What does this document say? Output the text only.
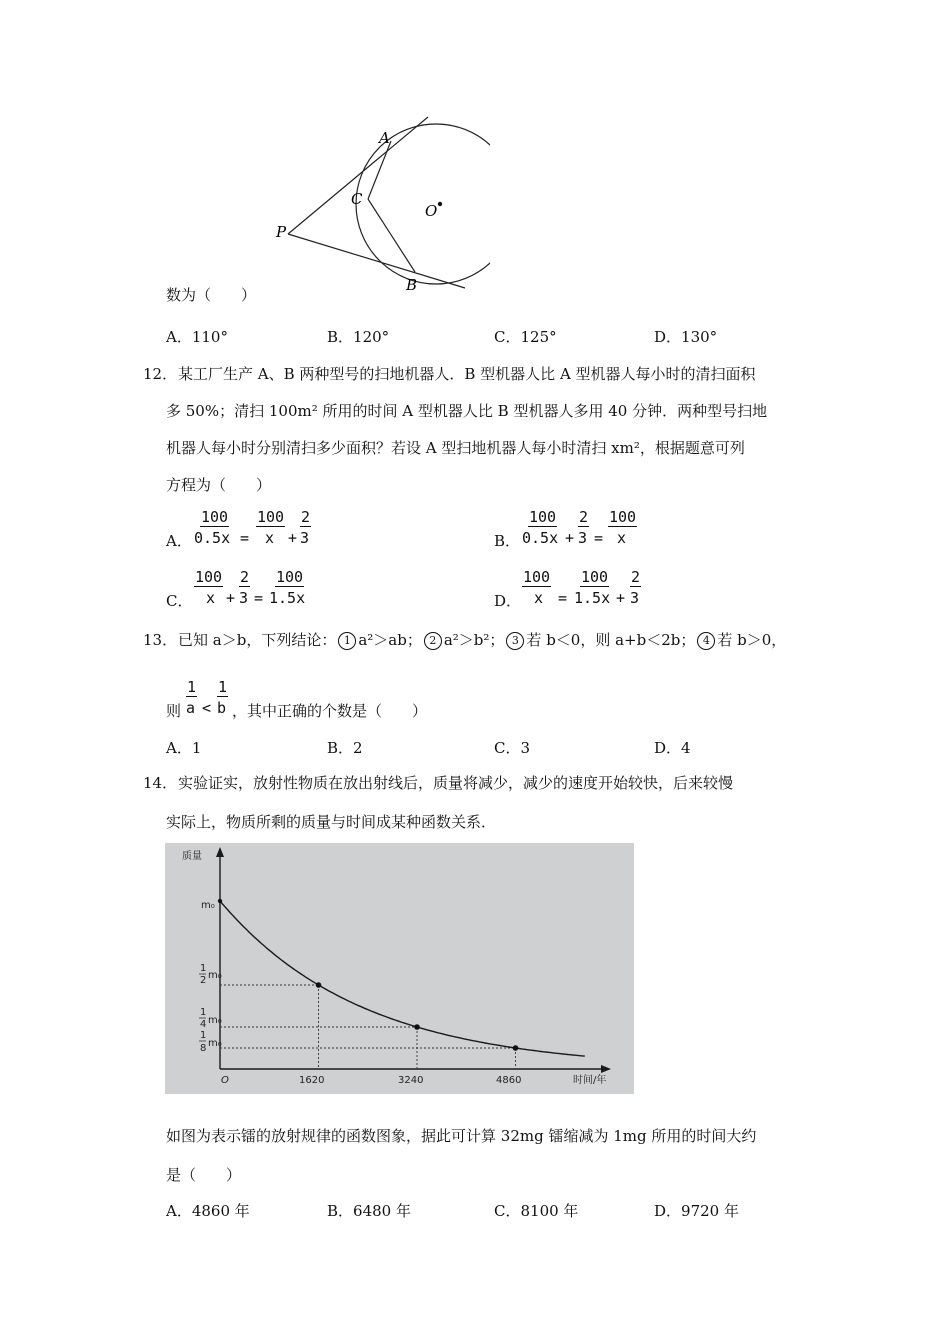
A
C
O
P
B
数为（　　）
A．110°	B．120°	C．125°	D．130°
12． 某工厂生产 A、B 两种型号的扫地机器人．B 型机器人比 A 型机器人每小时的清扫面积
多 50%；清扫 100m² 所用的时间 A 型机器人比 B 型机器人多用 40 分钟．两种型号扫地
机器人每小时分别清扫多少面积？若设 A 型扫地机器人每小时清扫 xm²，根据题意可列
方程为（　　）
A． $\frac{100}{0.5x} = \frac{100}{x}$
+ $\frac{2}{3}$	B． $\frac{100}{0.5x} + \frac{2}{3} = \frac{100}{x}$
C． $\frac{100}{x}$
+ $\frac{2}{3} = \frac{100}{1.5x}$	D． $\frac{100}{x} = \frac{100}{1.5x} + \frac{2}{3}$
13． 已知 a＞b，下列结论： 1 a²＞ab； 2 a²＞b²； 3 若 b＜0，则 a+b＜2b； 4 若 b＞0，
则 $\frac{1}{a} < \frac{1}{b}$ ，其中正确的个数是（　　）
A．1	B．2	C．3	D．4
14． 实验证实，放射性物质在放出射线后，质量将减少，减少的速度开始较快，后来较慢
实际上，物质所剩的质量与时间成某种函数关系．
质量
时间/年
O
m₀
1
2 m₀
1
4 m₀
1
8 m₀
1620	3240	4860
如图为表示镭的放射规律的函数图象，据此可计算 32mg 镭缩减为 1mg 所用的时间大约
是（　　）
A．4860 年	B．6480 年	C．8100 年	D．9720 年
